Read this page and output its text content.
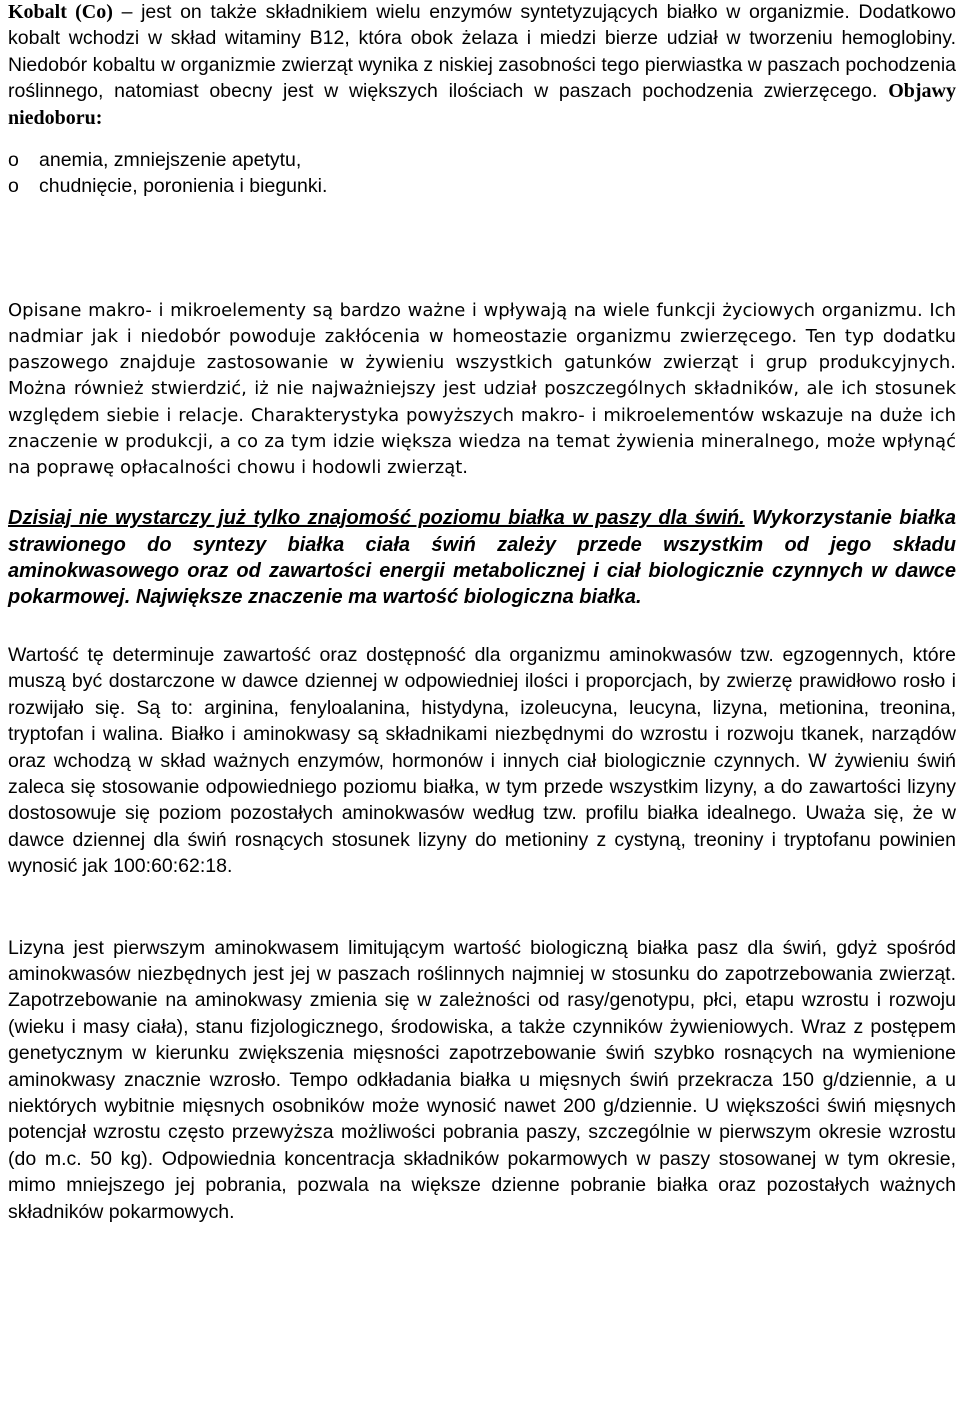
Kobalt (Co) – jest on także składnikiem wielu enzymów syntetyzujących białko w organizmie. Dodatkowo kobalt wchodzi w skład witaminy B12, która obok żelaza i miedzi bierze udział w tworzeniu hemoglobiny. Niedobór kobaltu w organizmie zwierząt wynika z niskiej zasobności tego pierwiastka w paszach pochodzenia roślinnego, natomiast obecny jest w większych ilościach w paszach pochodzenia zwierzęcego. Objawy niedoboru:

o anemia, zmniejszenie apetytu,
o chudnięcie, poronienia i biegunki.

Opisane makro- i mikroelementy są bardzo ważne i wpływają na wiele funkcji życiowych organizmu. Ich nadmiar jak i niedobór powoduje zakłócenia w homeostazie organizmu zwierzęcego. Ten typ dodatku paszowego znajduje zastosowanie w żywieniu wszystkich gatunków zwierząt i grup produkcyjnych. Można również stwierdzić, iż nie najważniejszy jest udział poszczególnych składników, ale ich stosunek względem siebie i relacje. Charakterystyka powyższych makro- i mikroelementów wskazuje na duże ich znaczenie w produkcji, a co za tym idzie większa wiedza na temat żywienia mineralnego, może wpłynąć na poprawę opłacalności chowu i hodowli zwierząt.

Dzisiaj nie wystarczy już tylko znajomość poziomu białka w paszy dla świń. Wykorzystanie białka strawionego do syntezy białka ciała świń zależy przede wszystkim od jego składu aminokwasowego oraz od zawartości energii metabolicznej i ciał biologicznie czynnych w dawce pokarmowej. Największe znaczenie ma wartość biologiczna białka.

Wartość tę determinuje zawartość oraz dostępność dla organizmu aminokwasów tzw. egzogennych, które muszą być dostarczone w dawce dziennej w odpowiedniej ilości i proporcjach, by zwierzę prawidłowo rosło i rozwijało się. Są to: arginina, fenyloalanina, histydyna, izoleucyna, leucyna, lizyna, metionina, treonina, tryptofan i walina. Białko i aminokwasy są składnikami niezbędnymi do wzrostu i rozwoju tkanek, narządów oraz wchodzą w skład ważnych enzymów, hormonów i innych ciał biologicznie czynnych. W żywieniu świń zaleca się stosowanie odpowiedniego poziomu białka, w tym przede wszystkim lizyny, a do zawartości lizyny dostosowuje się poziom pozostałych aminokwasów według tzw. profilu białka idealnego. Uważa się, że w dawce dziennej dla świń rosnących stosunek lizyny do metioniny z cystyną, treoniny i tryptofanu powinien wynosić jak 100:60:62:18.

Lizyna jest pierwszym aminokwasem limitującym wartość biologiczną białka pasz dla świń, gdyż spośród aminokwasów niezbędnych jest jej w paszach roślinnych najmniej w stosunku do zapotrzebowania zwierząt. Zapotrzebowanie na aminokwasy zmienia się w zależności od rasy/genotypu, płci, etapu wzrostu i rozwoju (wieku i masy ciała), stanu fizjologicznego, środowiska, a także czynników żywieniowych. Wraz z postępem genetycznym w kierunku zwiększenia mięsności zapotrzebowanie świń szybko rosnących na wymienione aminokwasy znacznie wzrosło. Tempo odkładania białka u mięsnych świń przekracza 150 g/dziennie, a u niektórych wybitnie mięsnych osobników może wynosić nawet 200 g/dziennie. U większości świń mięsnych potencjał wzrostu często przewyższa możliwości pobrania paszy, szczególnie w pierwszym okresie wzrostu (do m.c. 50 kg). Odpowiednia koncentracja składników pokarmowych w paszy stosowanej w tym okresie, mimo mniejszego jej pobrania, pozwala na większe dzienne pobranie białka oraz pozostałych ważnych składników pokarmowych.
